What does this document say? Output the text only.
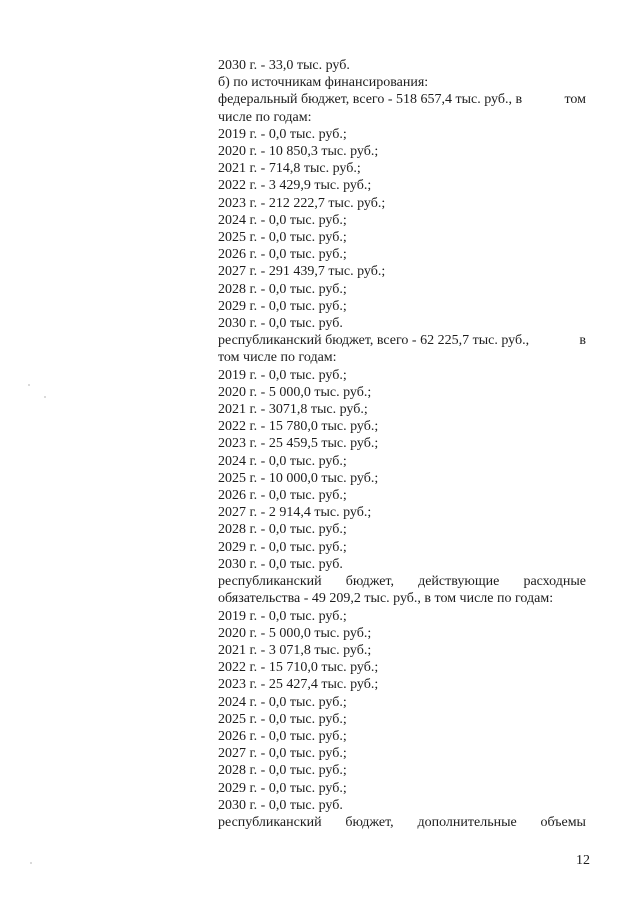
2030 г. - 33,0 тыс. руб.
б) по источникам финансирования:
федеральный бюджет, всего - 518 657,4 тыс. руб., в	том
числе по годам:
2019 г. - 0,0 тыс. руб.;
2020 г. - 10 850,3 тыс. руб.;
2021 г. - 714,8 тыс. руб.;
2022 г. - 3 429,9 тыс. руб.;
2023 г. - 212 222,7 тыс. руб.;
2024 г. - 0,0 тыс. руб.;
2025 г. - 0,0 тыс. руб.;
2026 г. - 0,0 тыс. руб.;
2027 г. - 291 439,7 тыс. руб.;
2028 г. - 0,0 тыс. руб.;
2029 г. - 0,0 тыс. руб.;
2030 г. - 0,0 тыс. руб.
республиканский бюджет, всего - 62 225,7 тыс. руб.,	в
том числе по годам:
2019 г. - 0,0 тыс. руб.;
2020 г. - 5 000,0 тыс. руб.;
2021 г. - 3071,8 тыс. руб.;
2022 г. - 15 780,0 тыс. руб.;
2023 г. - 25 459,5 тыс. руб.;
2024 г. - 0,0 тыс. руб.;
2025 г. - 10 000,0 тыс. руб.;
2026 г. - 0,0 тыс. руб.;
2027 г. - 2 914,4 тыс. руб.;
2028 г. - 0,0 тыс. руб.;
2029 г. - 0,0 тыс. руб.;
2030 г. - 0,0 тыс. руб.
республиканский бюджет, действующие расходные
обязательства - 49 209,2 тыс. руб., в том числе по годам:
2019 г. - 0,0 тыс. руб.;
2020 г. - 5 000,0 тыс. руб.;
2021 г. - 3 071,8 тыс. руб.;
2022 г. - 15 710,0 тыс. руб.;
2023 г. - 25 427,4 тыс. руб.;
2024 г. - 0,0 тыс. руб.;
2025 г. - 0,0 тыс. руб.;
2026 г. - 0,0 тыс. руб.;
2027 г. - 0,0 тыс. руб.;
2028 г. - 0,0 тыс. руб.;
2029 г. - 0,0 тыс. руб.;
2030 г. - 0,0 тыс. руб.
республиканский бюджет, дополнительные объемы
12
